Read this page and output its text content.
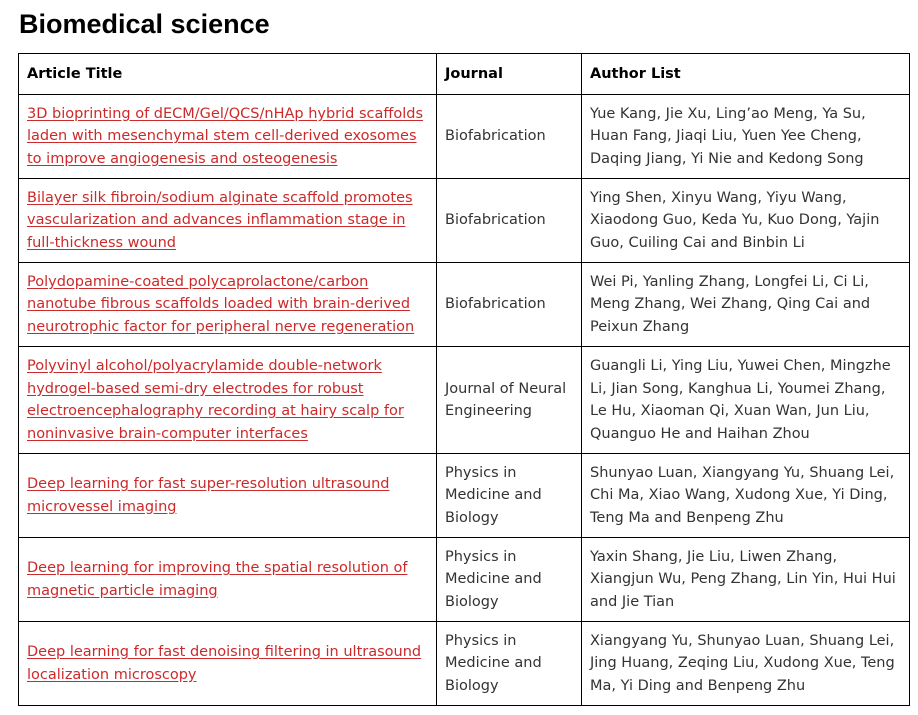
Biomedical science
Article Title	Journal	Author List
3D bioprinting of dECM/Gel/QCS/nHAp hybrid scaffolds laden with mesenchymal stem cell-derived exosomes to improve angiogenesis and osteogenesis	Biofabrication	Yue Kang, Jie Xu, Ling’ao Meng, Ya Su, Huan Fang, Jiaqi Liu, Yuen Yee Cheng, Daqing Jiang, Yi Nie and Kedong Song
Bilayer silk fibroin/sodium alginate scaffold promotes vascularization and advances inflammation stage in full-thickness wound	Biofabrication	Ying Shen, Xinyu Wang, Yiyu Wang, Xiaodong Guo, Keda Yu, Kuo Dong, Yajin Guo, Cuiling Cai and Binbin Li
Polydopamine-coated polycaprolactone/carbon nanotube fibrous scaffolds loaded with brain-derived neurotrophic factor for peripheral nerve regeneration	Biofabrication	Wei Pi, Yanling Zhang, Longfei Li, Ci Li, Meng Zhang, Wei Zhang, Qing Cai and Peixun Zhang
Polyvinyl alcohol/polyacrylamide double-network hydrogel-based semi-dry electrodes for robust electroencephalography recording at hairy scalp for noninvasive brain-computer interfaces	Journal of Neural Engineering	Guangli Li, Ying Liu, Yuwei Chen, Mingzhe Li, Jian Song, Kanghua Li, Youmei Zhang, Le Hu, Xiaoman Qi, Xuan Wan, Jun Liu, Quanguo He and Haihan Zhou
Deep learning for fast super-resolution ultrasound microvessel imaging	Physics in Medicine and Biology	Shunyao Luan, Xiangyang Yu, Shuang Lei, Chi Ma, Xiao Wang, Xudong Xue, Yi Ding, Teng Ma and Benpeng Zhu
Deep learning for improving the spatial resolution of magnetic particle imaging	Physics in Medicine and Biology	Yaxin Shang, Jie Liu, Liwen Zhang, Xiangjun Wu, Peng Zhang, Lin Yin, Hui Hui and Jie Tian
Deep learning for fast denoising filtering in ultrasound localization microscopy	Physics in Medicine and Biology	Xiangyang Yu, Shunyao Luan, Shuang Lei, Jing Huang, Zeqing Liu, Xudong Xue, Teng Ma, Yi Ding and Benpeng Zhu
